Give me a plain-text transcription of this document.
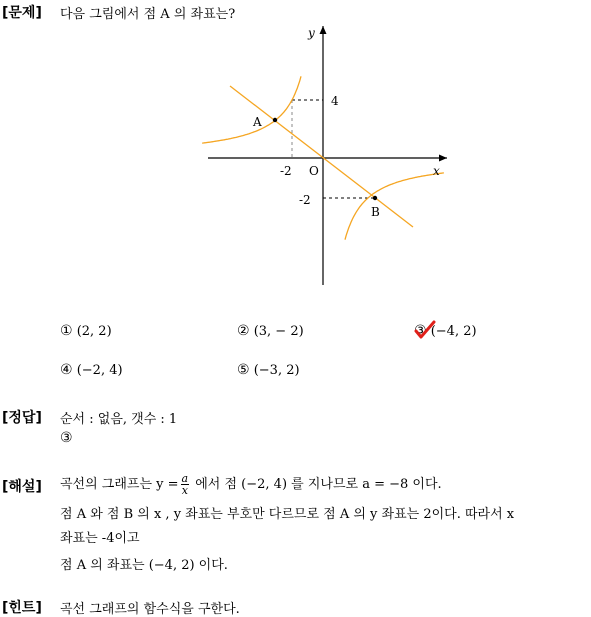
[문제] 다음 그림에서 점 A 의 좌표는?
y
x
O
4
-2
-2
A
B
① (2, 2)	② (3, − 2)	③ (−4, 2)
④ (−2, 4)	⑤ (−3, 2)
[정답] 순서 : 없음, 갯수 : 1
③
[해설] 곡선의 그래프는 $y = \frac{a}{x}$ 에서 점 (−2, 4) 를 지나므로 a = −8 이다.
점 A 와 점 B 의 x , y 좌표는 부호만 다르므로 점 A 의 y 좌표는 2이다. 따라서 x
좌표는 -4이고
점 A 의 좌표는 (−4, 2) 이다.
[힌트] 곡선 그래프의 함수식을 구한다.
